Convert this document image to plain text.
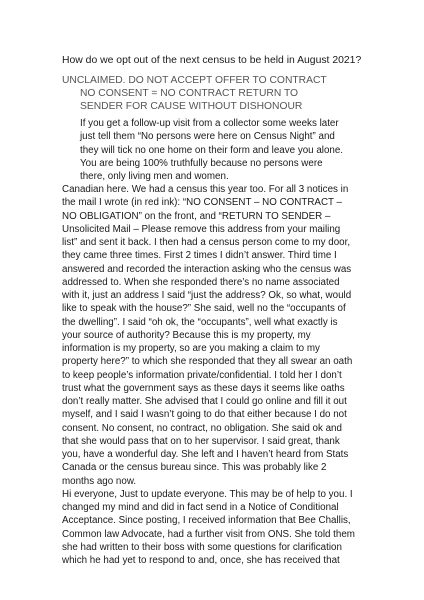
How do we opt out of the next census to be held in August 2021?
UNCLAIMED. DO NOT ACCEPT OFFER TO CONTRACT
NO CONSENT = NO CONTRACT RETURN TO
SENDER FOR CAUSE WITHOUT DISHONOUR
If you get a follow-up visit from a collector some weeks later
just tell them “No persons were here on Census Night” and
they will tick no one home on their form and leave you alone.
You are being 100% truthfully because no persons were
there, only living men and women.
Canadian here. We had a census this year too. For all 3 notices in
the mail I wrote (in red ink): “NO CONSENT – NO CONTRACT –
NO OBLIGATION” on the front, and “RETURN TO SENDER –
Unsolicited Mail – Please remove this address from your mailing
list” and sent it back. I then had a census person come to my door,
they came three times. First 2 times I didn’t answer. Third time I
answered and recorded the interaction asking who the census was
addressed to. When she responded there’s no name associated
with it, just an address I said “just the address? Ok, so what, would
like to speak with the house?” She said, well no the “occupants of
the dwelling”. I said “oh ok, the “occupants”, well what exactly is
your source of authority? Because this is my property, my
information is my property, so are you making a claim to my
property here?” to which she responded that they all swear an oath
to keep people’s information private/confidential. I told her I don’t
trust what the government says as these days it seems like oaths
don’t really matter. She advised that I could go online and fill it out
myself, and I said I wasn’t going to do that either because I do not
consent. No consent, no contract, no obligation. She said ok and
that she would pass that on to her supervisor. I said great, thank
you, have a wonderful day. She left and I haven’t heard from Stats
Canada or the census bureau since. This was probably like 2
months ago now.
Hi everyone, Just to update everyone. This may be of help to you. I
changed my mind and did in fact send in a Notice of Conditional
Acceptance. Since posting, I received information that Bee Challis,
Common law Advocate, had a further visit from ONS. She told them
she had written to their boss with some questions for clarification
which he had yet to respond to and, once, she has received that
